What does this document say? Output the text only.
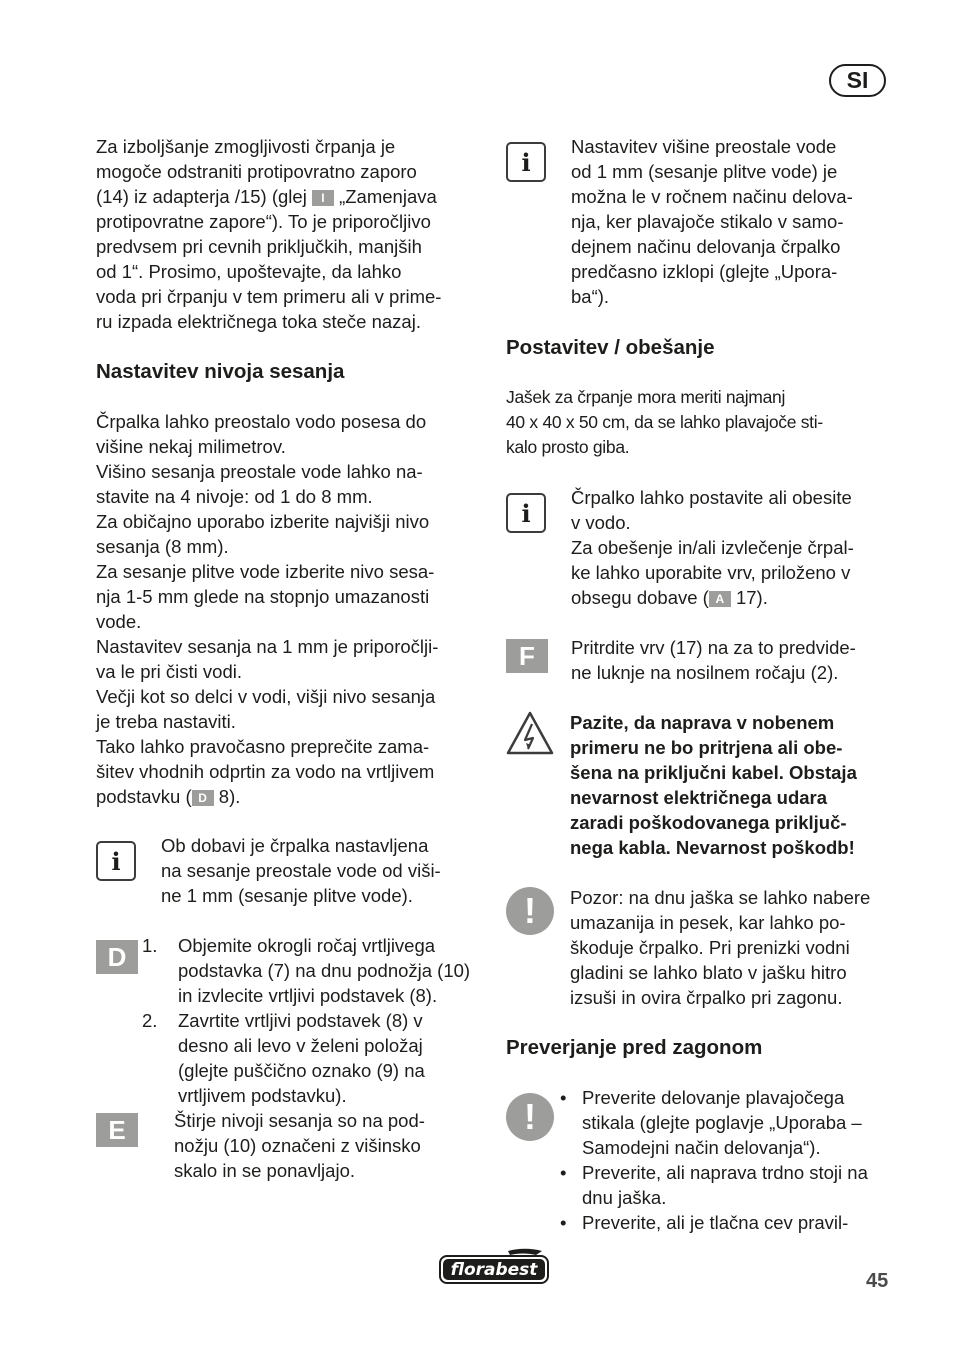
SI

Za izboljšanje zmogljivosti črpanja je
mogoče odstraniti protipovratno zaporo
(14) iz adapterja /15) (glej I „Zamenjava
protipovratne zapore“). To je priporočljivo
predvsem pri cevnih priključkih, manjših
od 1“. Prosimo, upoštevajte, da lahko
voda pri črpanju v tem primeru ali v prime-
ru izpada električnega toka steče nazaj.

Nastavitev nivoja sesanja

Črpalka lahko preostalo vodo posesa do
višine nekaj milimetrov.
Višino sesanja preostale vode lahko na-
stavite na 4 nivoje: od 1 do 8 mm.
Za običajno uporabo izberite najvišji nivo
sesanja (8 mm).
Za sesanje plitve vode izberite nivo sesa-
nja 1-5 mm glede na stopnjo umazanosti
vode.
Nastavitev sesanja na 1 mm je priporočlji-
va le pri čisti vodi.
Večji kot so delci v vodi, višji nivo sesanja
je treba nastaviti.
Tako lahko pravočasno preprečite zama-
šitev vhodnih odprtin za vodo na vrtljivem
podstavku ( D 8).

i

Ob dobavi je črpalka nastavljena
na sesanje preostale vode od viši-
ne 1 mm (sesanje plitve vode).

D 1.	Objemite okrogli ročaj vrtljivega podstavka (7) na dnu podnožja (10) in izvlecite vrtljivi podstavek (8).
2.	Zavrtite vrtljivi podstavek (8) v desno ali levo v želeni položaj (glejte puščično oznako (9) na vrtljivem podstavku).
E	Štirje nivoji sesanja so na pod-
nožju (10) označeni z višinsko
skalo in se ponavljajo.

i

Nastavitev višine preostale vode
od 1 mm (sesanje plitve vode) je
možna le v ročnem načinu delova-
nja, ker plavajoče stikalo v samo-
dejnem načinu delovanja črpalko
predčasno izklopi (glejte „Upora-
ba“).

Postavitev / obešanje

Jašek za črpanje mora meriti najmanj
40 x 40 x 50 cm, da se lahko plavajoče sti-
kalo prosto giba.

i

Črpalko lahko postavite ali obesite
v vodo.
Za obešenje in/ali izvlečenje črpal-
ke lahko uporabite vrv, priloženo v
obsegu dobave ( A 17).

F	Pritrdite vrv (17) na za to predvide-
ne luknje na nosilnem ročaju (2).

Pazite, da naprava v nobenem
primeru ne bo pritrjena ali obe-
šena na priključni kabel. Obstaja
nevarnost električnega udara
zaradi poškodovanega priključ-
nega kabla. Nevarnost poškodb!

!	Pozor: na dnu jaška se lahko nabere
umazanija in pesek, kar lahko po-
škoduje črpalko. Pri prenizki vodni
gladini se lahko blato v jašku hitro
izsuši in ovira črpalko pri zagonu.

Preverjanje pred zagonom
!	• Preverite delovanje plavajočega stikala (glejte poglavje „Uporaba – Samodejni način delovanja“).
• Preverite, ali naprava trdno stoji na dnu jaška.
• Preverite, ali je tlačna cev pravil-
florabest	45
